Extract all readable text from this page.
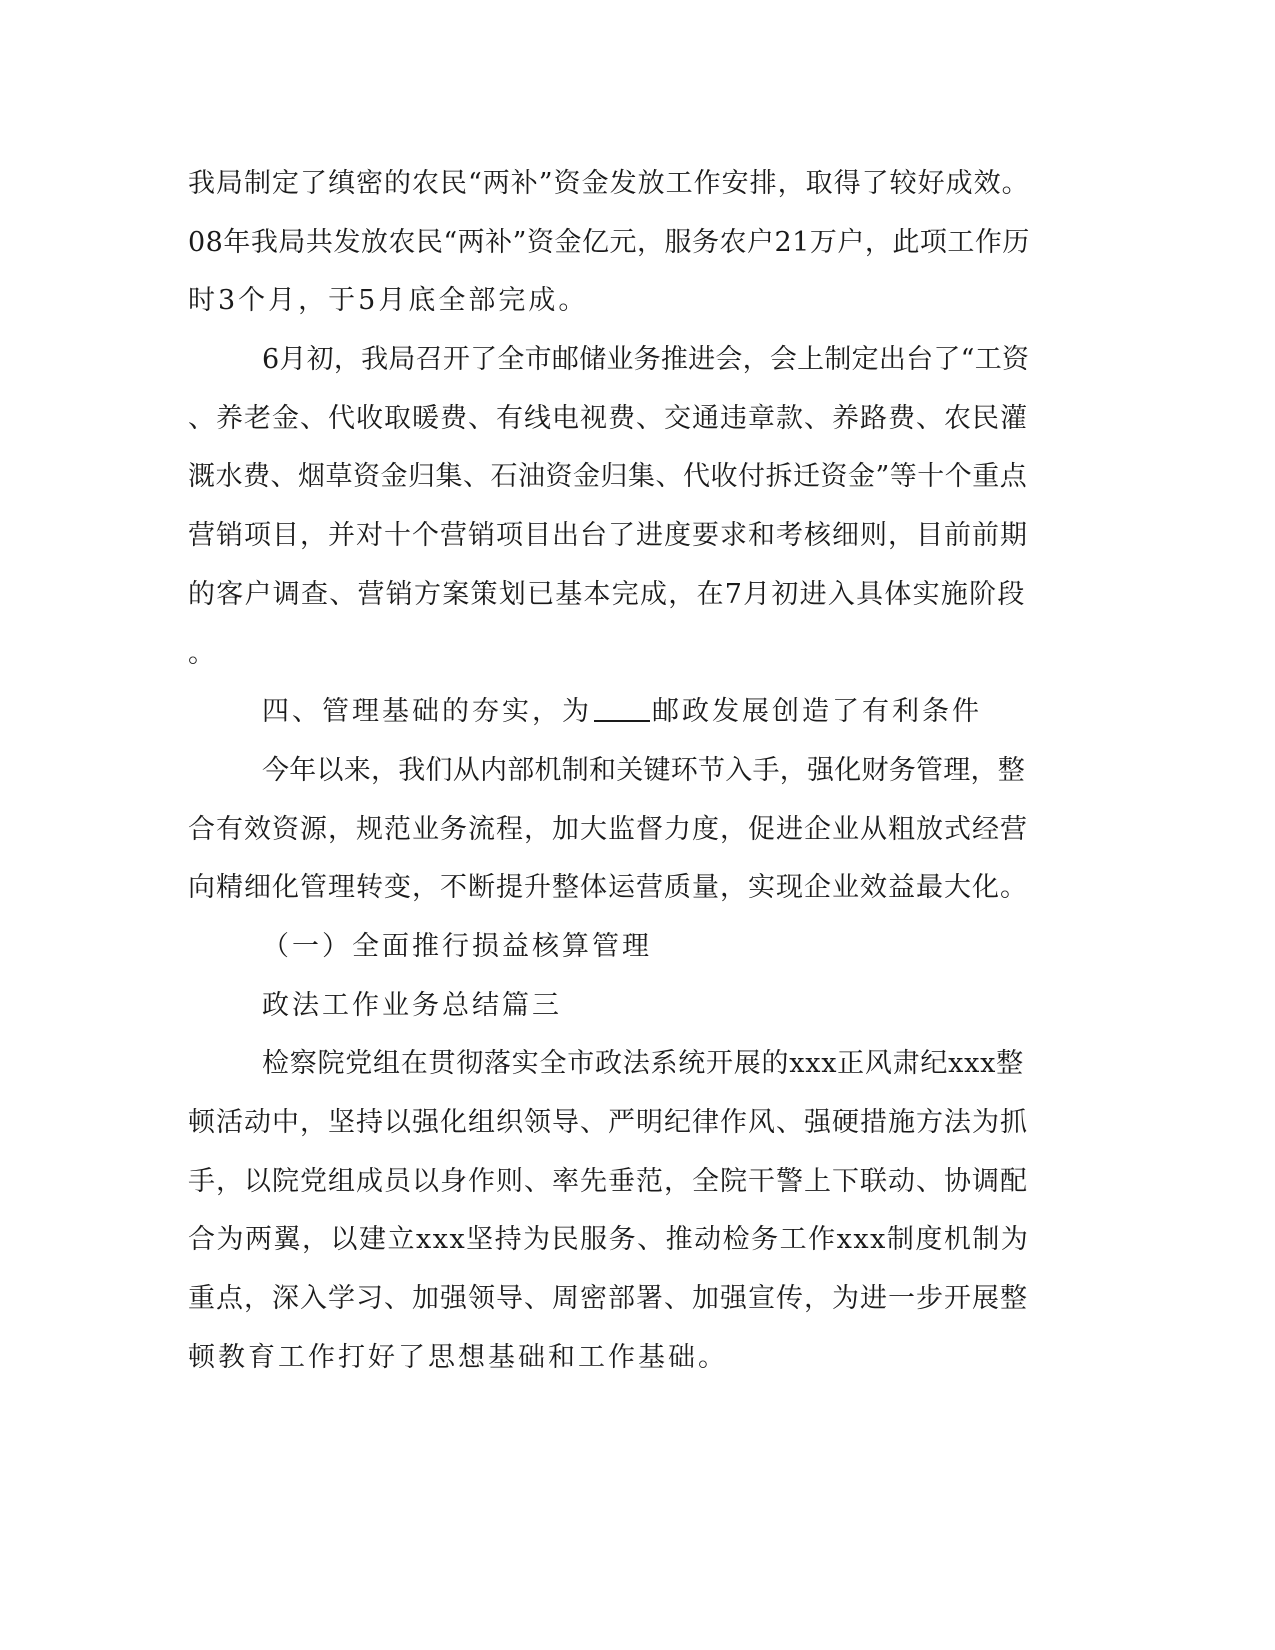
我局制定了缜密的农民“两补”资金发放工作安排，取得了较好成效。
08年我局共发放农民“两补”资金亿元，服务农户21万户，此项工作历
时3个月，于5月底全部完成。
6月初，我局召开了全市邮储业务推进会，会上制定出台了“工资
、养老金、代收取暖费、有线电视费、交通违章款、养路费、农民灌
溉水费、烟草资金归集、石油资金归集、代收付拆迁资金”等十个重点
营销项目，并对十个营销项目出台了进度要求和考核细则，目前前期
的客户调查、营销方案策划已基本完成，在7月初进入具体实施阶段
。
四、管理基础的夯实，为 邮政发展创造了有利条件
今年以来，我们从内部机制和关键环节入手，强化财务管理，整
合有效资源，规范业务流程，加大监督力度，促进企业从粗放式经营
向精细化管理转变，不断提升整体运营质量，实现企业效益最大化。
（一）全面推行损益核算管理
政法工作业务总结篇三
检察院党组在贯彻落实全市政法系统开展的xxx正风肃纪xxx整
顿活动中，坚持以强化组织领导、严明纪律作风、强硬措施方法为抓
手，以院党组成员以身作则、率先垂范，全院干警上下联动、协调配
合为两翼，以建立xxx坚持为民服务、推动检务工作xxx制度机制为
重点，深入学习、加强领导、周密部署、加强宣传，为进一步开展整
顿教育工作打好了思想基础和工作基础。
